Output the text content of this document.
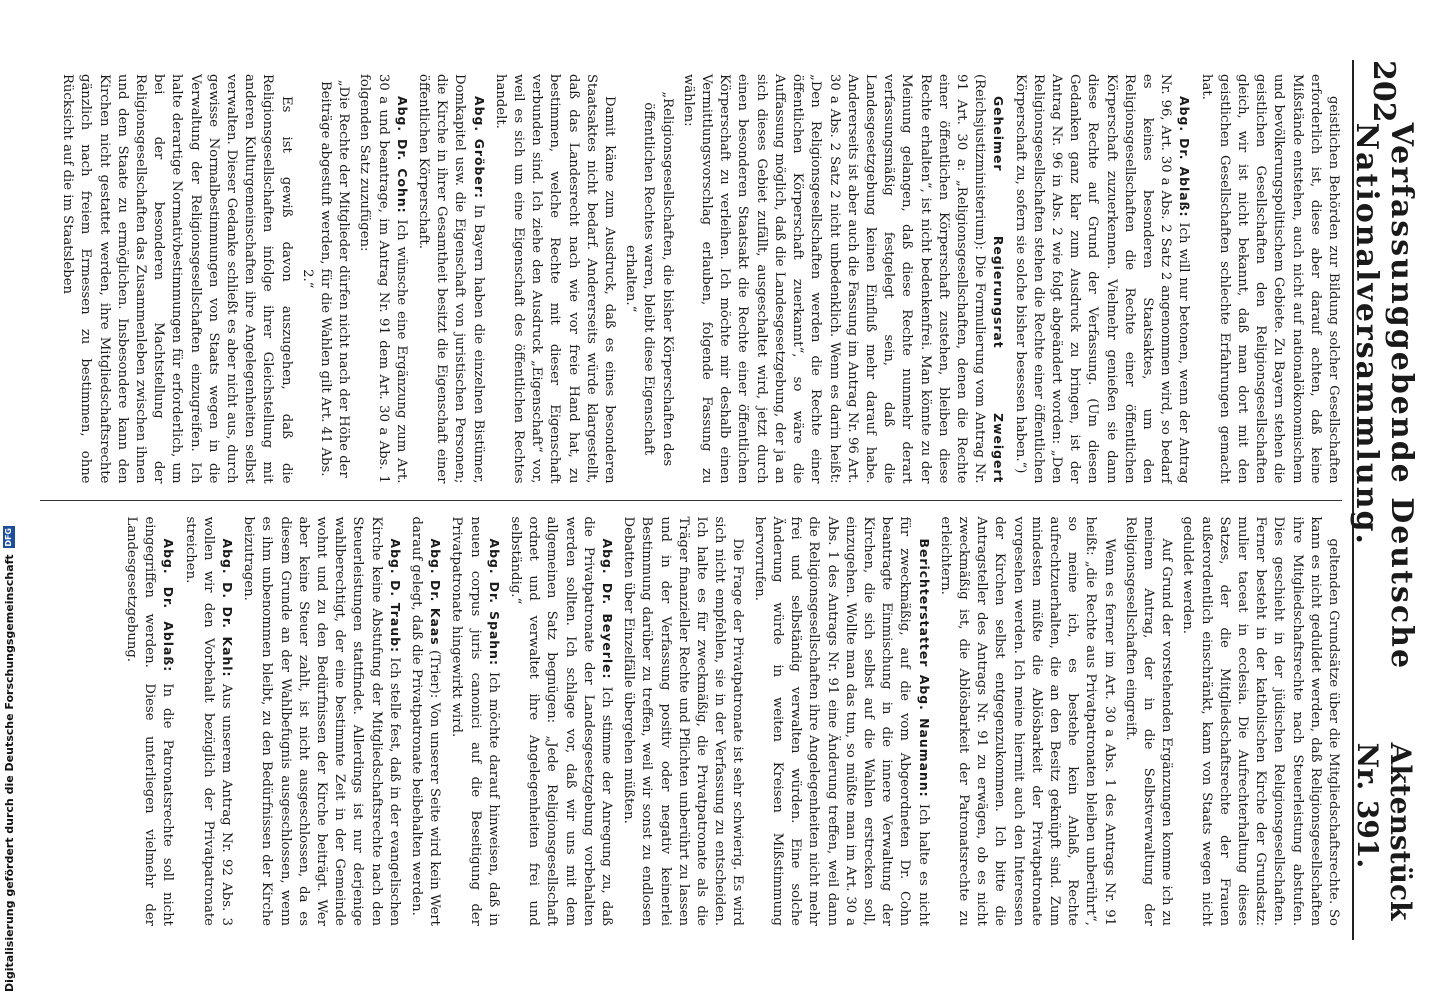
202
Verfassunggebende Deutsche Nationalversammlung.
Aktenstück Nr. 391.

geistlichen Behörden zur Bildung solcher Gesellschaften erforderlich ist, diese aber darauf achten, daß keine Mißstände entstehen, auch nicht auf nationalökonomischem und bevölkerungspolitischem Gebiete. Zu Bayern stehen die geistlichen Gesellschaften den Religionsgesellschaften gleich, wir ist nicht bekannt, daß man dort mit den geistlichen Gesellschaften schlechte Erfahrungen gemacht hat.

Abg. Dr. Ablaß: Ich will nur betonen, wenn der Antrag Nr. 96, Art. 30 a Abs. 2 Satz 2 angenommen wird, so bedarf es keines besonderen Staatsaktes, um den Religionsgesellschaften die Rechte einer öffentlichen Körperschaft zuzuerkennen. Vielmehr genießen sie dann diese Rechte auf Grund der Verfassung. (Um diesen Gedanken ganz klar zum Ausdruck zu bringen, ist der Antrag Nr. 96 in Abs. 2 wie folgt abgeändert worden: „Den Religionsgesellschaften stehen die Rechte einer öffentlichen Körperschaft zu, sofern sie solche bisher besessen haben.“)

Geheimer Regierungsrat Zweigert (Reichsjustizministerium): Die Formulierung vom Antrag Nr. 91 Art. 30 a: „Religionsgesellschaften, denen die Rechte einer öffentlichen Körperschaft zustehen, bleiben diese Rechte erhalten“, ist nicht bedenkenfrei. Man könnte zu der Meinung gelangen, daß diese Rechte nunmehr derart verfassungsmäßig festgelegt sein, daß die Landesgesetzgebung keinen Einfluß mehr darauf habe. Andererseits ist aber auch die Fassung im Antrag Nr. 96 Art. 30 a Abs. 2 Satz 2 nicht unbedenklich. Wenn es darin heißt: „Den Religionsgesellschaften werden die Rechte einer öffentlichen Körperschaft zuerkannt“, so wäre die Auffassung möglich, daß die Landesgesetzgebung, der ja an sich dieses Gebiet zufällt, ausgeschaltet wird, jetzt durch einen besonderen Staatsakt die Rechte einer öffentlichen Körperschaft zu verleihen. Ich möchte mir deshalb einen Vermittlungsvorschlag erlauben, folgende Fassung zu wählen:

„Religionsgesellschaften, die bisher Körperschaften des öffentlichen Rechtes waren, bleibt diese Eigenschaft erhalten.“

Damit käme zum Ausdruck, daß es eines besonderen Staatsaktes nicht bedarf. Andererseits würde klargestellt, daß das Landesrecht nach wie vor freie Hand hat, zu bestimmen, welche Rechte mit dieser Eigenschaft verbunden sind. Ich ziehe den Ausdruck „Eigenschaft“ vor, weil es sich um eine Eigenschaft des öffentlichen Rechtes handelt.

Abg. Gröber: In Bayern haben die einzelnen Bistümer, Domkapitel usw. die Eigenschaft von juristischen Personen; die Kirche in ihrer Gesamtheit besitzt die Eigenschaft einer öffentlichen Körperschaft.

Abg. Dr. Cohn: Ich wünsche eine Ergänzung zum Art. 30 a und beantrage, im Antrag Nr. 91 dem Art. 30 a Abs. 1 folgenden Satz zuzufügen:

„Die Rechte der Mitglieder dürfen nicht nach der Höhe der Beiträge abgestuft werden, für die Wahlen gilt Art. 41 Abs. 2.“

Es ist gewiß davon auszugehen, daß die Religionsgesellschaften infolge ihrer Gleichstellung mit anderen Kulturgemeinschaften ihre Angelegenheiten selbst verwalten. Dieser Gedanke schließt es aber nicht aus, durch gewisse Normalbestimmungen von Staats wegen in die Verwaltung der Religionsgesellschaften einzugreifen. Ich halte derartige Normativbestimmungen für erforderlich, um bei der besonderen Machtstellung der Religionsgesellschaften das Zusammenleben zwischen ihnen und dem Staate zu ermöglichen. Insbesondere kann den Kirchen nicht gestattet werden, ihre Mitgliedschaftsrechte gänzlich nach freiem Ermessen zu bestimmen, ohne Rücksicht auf die im Staatsleben

geltenden Grundsätze über die Mitgliedschaftsrechte. So kann es nicht geduldet werden, daß Religionsgesellschaften ihre Mitgliedschaftsrechte nach Steuerleistung abstufen. Dies geschieht in der jüdischen Religionsgesellschaften. Ferner besteht in der katholischen Kirche der Grundsatz: mulier taceat in ecclesia. Die Aufrechterhaltung dieses Satzes, der die Mitgliedschaftsrechte der Frauen außerordentlich einschränkt, kann von Staats wegen nicht geduldet werden.

Auf Grund der vorstehenden Ergänzungen komme ich zu meinem Antrag, der in die Selbstverwaltung der Religionsgesellschaften eingreift.

Wenn es ferner im Art. 30 a Abs. 1 des Antrags Nr. 91 heißt: „die Rechte aus Privatpatronaten bleiben unberührt“, so meine ich, es bestehe kein Anlaß, Rechte aufrechtzuerhalten, die an den Besitz geknüpft sind. Zum mindesten müßte die Ablösbarkeit der Privatpatronate vorgesehen werden. Ich meine hiermit auch den Interessen der Kirchen selbst entgegenzukommen. Ich bitte die Antragsteller des Antrags Nr. 91 zu erwägen, ob es nicht zweckmäßig ist, die Ablösbarkeit der Patronatsrechte zu erleichtern.

Berichterstatter Abg. Naumann: Ich halte es nicht für zweckmäßig, auf die vom Abgeordneten Dr. Cohn beantragte Einmischung in die innere Verwaltung der Kirchen, die sich selbst auf die Wahlen erstrecken soll, einzugehen. Wollte man das tun, so müßte man im Art. 30 a Abs. 1 des Antrags Nr. 91 eine Änderung treffen, weil dann die Religionsgesellschaften ihre Angelegenheiten nicht mehr frei und selbständig verwalten würden. Eine solche Änderung würde in weiten Kreisen Mißstimmung hervorrufen.

Die Frage der Privatpatronate ist sehr schwierig. Es wird sich nicht empfehlen, sie in der Verfassung zu entscheiden. Ich halte es für zweckmäßig, die Privatpatronate als die Träger finanzieller Rechte und Pflichten unberührt zu lassen und in der Verfassung positiv oder negativ keinerlei Bestimmung darüber zu treffen, weil wir sonst zu endlosen Debatten über Einzelfälle übergehen müßten.

Abg. Dr. Beyerle: Ich stimme der Anregung zu, daß die Privatpatronate der Landesgesetzgebung vorbehalten werden sollten. Ich schlage vor, daß wir uns mit dem allgemeinen Satz begnügen: „Jede Religionsgesellschaft ordnet und verwaltet ihre Angelegenheiten frei und selbständig.“

Abg. Dr. Spahn: Ich möchte darauf hinweisen, daß in neuen corpus juris canonici auf die Beseitigung der Privatpatronate hingewirkt wird.

Abg. Dr. Kaas (Trier): Von unserer Seite wird kein Wert darauf gelegt, daß die Privatpatronate beibehalten werden.

Abg. D. Traub: Ich stelle fest, daß in der evangelischen Kirche keine Abstufung der Mitgliedschaftsrechte nach den Steuerleistungen stattfindet. Allerdings ist nur derjenige wahlberechtigt, der eine bestimmte Zeit in der Gemeinde wohnt und zu den Bedürfnissen der Kirche beiträgt. Wer aber keine Steuer zahlt, ist nicht ausgeschlossen, da es diesem Grunde an der Wahlbefugnis ausgeschlossen, wenn es ihm unbenommen bleibt, zu den Bedürfnissen der Kirche beizutragen.

Abg. D. Dr. Kahl: Aus unserem Antrag Nr. 92 Abs. 3 wollen wir den Vorbehalt bezüglich der Privatpatronate streichen.

Abg. Dr. Ablaß: In die Patronatsrechte soll nicht eingegriffen werden. Diese unterliegen vielmehr der Landesgesetzgebung.

Digitalisierung gefördert durch die Deutsche Forschungsgemeinschaft
DFG
